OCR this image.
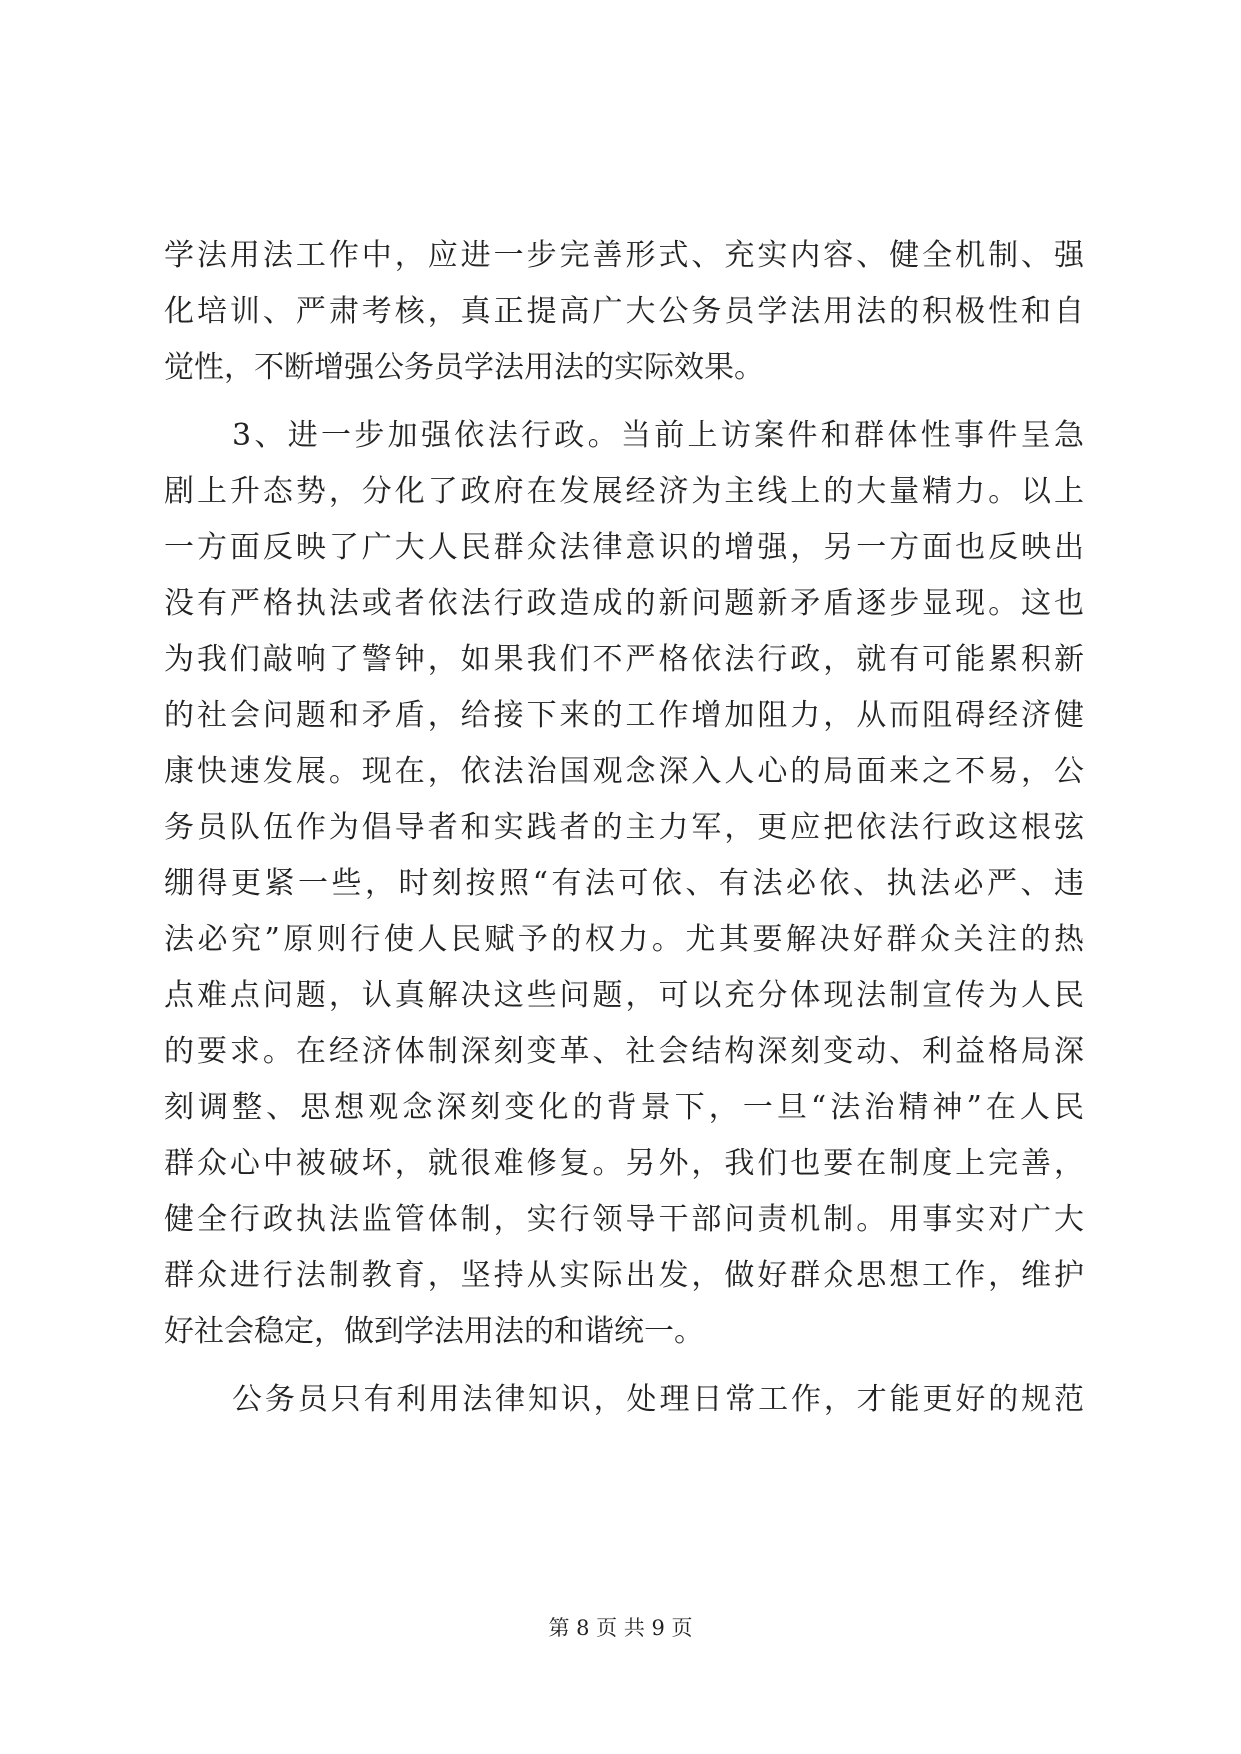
学法用法工作中，应进一步完善形式、充实内容、健全机制、强
化培训、严肃考核，真正提高广大公务员学法用法的积极性和自
觉性，不断增强公务员学法用法的实际效果。
3、进一步加强依法行政。当前上访案件和群体性事件呈急
剧上升态势，分化了政府在发展经济为主线上的大量精力。以上
一方面反映了广大人民群众法律意识的增强，另一方面也反映出
没有严格执法或者依法行政造成的新问题新矛盾逐步显现。这也
为我们敲响了警钟，如果我们不严格依法行政，就有可能累积新
的社会问题和矛盾，给接下来的工作增加阻力，从而阻碍经济健
康快速发展。现在，依法治国观念深入人心的局面来之不易，公
务员队伍作为倡导者和实践者的主力军，更应把依法行政这根弦
绷得更紧一些，时刻按照“有法可依、有法必依、执法必严、违
法必究”原则行使人民赋予的权力。尤其要解决好群众关注的热
点难点问题，认真解决这些问题，可以充分体现法制宣传为人民
的要求。在经济体制深刻变革、社会结构深刻变动、利益格局深
刻调整、思想观念深刻变化的背景下，一旦“法治精神”在人民
群众心中被破坏，就很难修复。另外，我们也要在制度上完善，
健全行政执法监管体制，实行领导干部问责机制。用事实对广大
群众进行法制教育，坚持从实际出发，做好群众思想工作，维护
好社会稳定，做到学法用法的和谐统一。
公务员只有利用法律知识，处理日常工作，才能更好的规范
第 8 页 共 9 页
